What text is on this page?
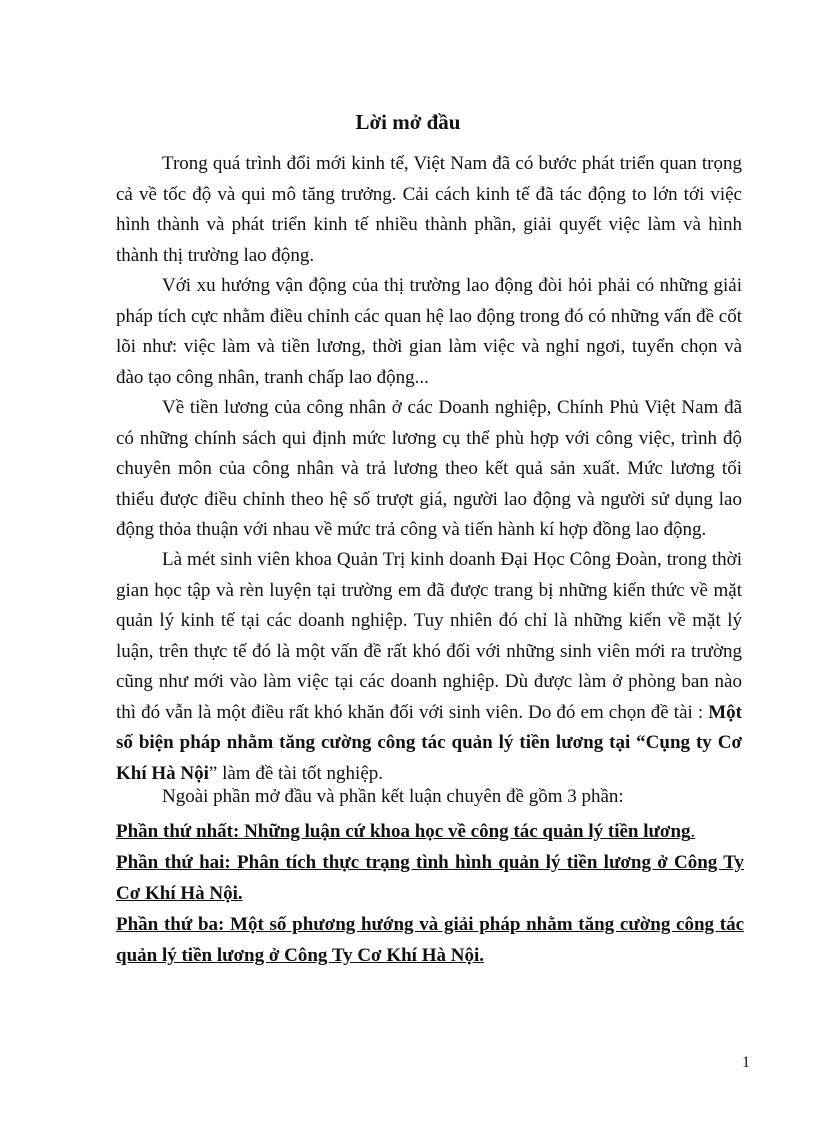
Lời mở đầu

Trong quá trình đổi mới kinh tế, Việt Nam đã có bước phát triển quan trọng cả về tốc độ và qui mô tăng trưởng. Cải cách kinh tế đã tác động to lớn tới việc hình thành và phát triển kinh tế nhiều thành phần, giải quyết việc làm và hình thành thị trường lao động.

Với xu hướng vận động của thị trường lao động đòi hỏi phải có những giải pháp tích cực nhằm điều chỉnh các quan hệ lao động trong đó có những vấn đề cốt lõi như: việc làm và tiền lương, thời gian làm việc và nghỉ ngơi, tuyển chọn và đào tạo công nhân, tranh chấp lao động...

Về tiền lương của công nhân ở các Doanh nghiệp, Chính Phủ Việt Nam đã có những chính sách qui định mức lương cụ thể phù hợp với công việc, trình độ chuyên môn của công nhân và trả lương theo kết quả sản xuất. Mức lương tối thiểu được điều chỉnh theo hệ số trượt giá, người lao động và người sử dụng lao động thỏa thuận với nhau về mức trả công và tiến hành kí hợp đồng lao động.

Là mét sinh viên khoa Quản Trị kinh doanh Đại Học Công Đoàn, trong thời gian học tập và rèn luyện tại trường em đã được trang bị những kiến thức về mặt quản lý kinh tế tại các doanh nghiệp. Tuy nhiên đó chỉ là những kiến về mặt lý luận, trên thực tế đó là một vấn đề rất khó đối với những sinh viên mới ra trường cũng như mới vào làm việc tại các doanh nghiệp. Dù được làm ở phòng ban nào thì đó vẫn là một điều rất khó khăn đối với sinh viên. Do đó em chọn đề tài : Một số biện pháp nhằm tăng cường công tác quản lý tiền lương tại “Cụng ty Cơ Khí Hà Nội” làm đề tài tốt nghiệp.

Ngoài phần mở đầu và phần kết luận chuyên đề gồm 3 phần:

Phần thứ nhất: Những luận cứ khoa học về công tác quản lý tiền lương.
Phần thứ hai: Phân tích thực trạng tình hình quản lý tiền lương ở Công Ty Cơ Khí Hà Nội.
Phần thứ ba: Một số phương hướng và giải pháp nhằm tăng cường công tác quản lý tiền lương ở Công Ty Cơ Khí Hà Nội.
1
